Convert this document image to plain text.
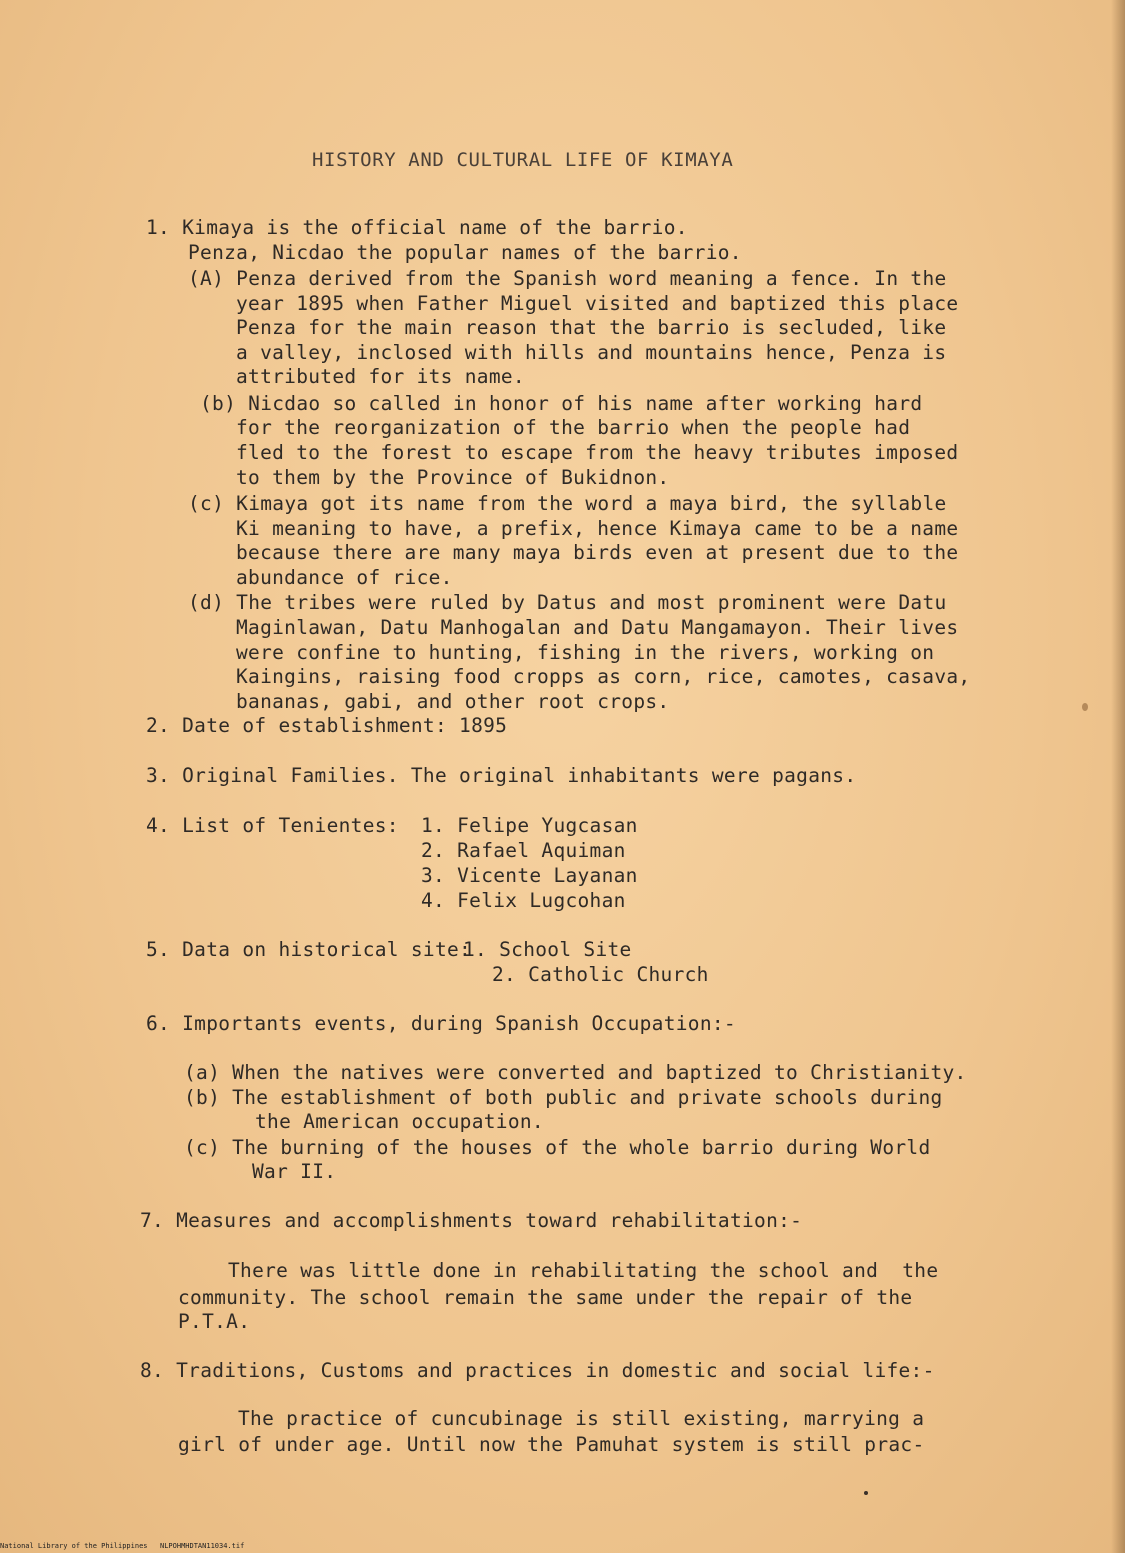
HISTORY AND CULTURAL LIFE OF KIMAYA
1. Kimaya is the official name of the barrio.
Penza, Nicdao the popular names of the barrio.
(A) Penza derived from the Spanish word meaning a fence. In the
year 1895 when Father Miguel visited and baptized this place
Penza for the main reason that the barrio is secluded, like
a valley, inclosed with hills and mountains hence, Penza is
attributed for its name.
(b) Nicdao so called in honor of his name after working hard
for the reorganization of the barrio when the people had
fled to the forest to escape from the heavy tributes imposed
to them by the Province of Bukidnon.
(c) Kimaya got its name from the word a maya bird, the syllable
Ki meaning to have, a prefix, hence Kimaya came to be a name
because there are many maya birds even at present due to the
abundance of rice.
(d) The tribes were ruled by Datus and most prominent were Datu
Maginlawan, Datu Manhogalan and Datu Mangamayon. Their lives
were confine to hunting, fishing in the rivers, working on
Kaingins, raising food cropps as corn, rice, camotes, casava,
bananas, gabi, and other root crops.
2. Date of establishment: 1895
3. Original Families. The original inhabitants were pagans.
4. List of Tenientes: 1. Felipe Yugcasan
2. Rafael Aquiman
3. Vicente Layanan
4. Felix Lugcohan
5. Data on historical site:
1. School Site
2. Catholic Church
6. Importants events, during Spanish Occupation:-
(a) When the natives were converted and baptized to Christianity.
(b) The establishment of both public and private schools during
the American occupation.
(c) The burning of the houses of the whole barrio during World
War II.
7. Measures and accomplishments toward rehabilitation:-
There was little done in rehabilitating the school and  the
community. The school remain the same under the repair of the
P.T.A.
8. Traditions, Customs and practices in domestic and social life:-
The practice of cuncubinage is still existing, marrying a
girl of under age. Until now the Pamuhat system is still prac-
National Library of the Philippines NLPOHMHDTAN11034.tif
